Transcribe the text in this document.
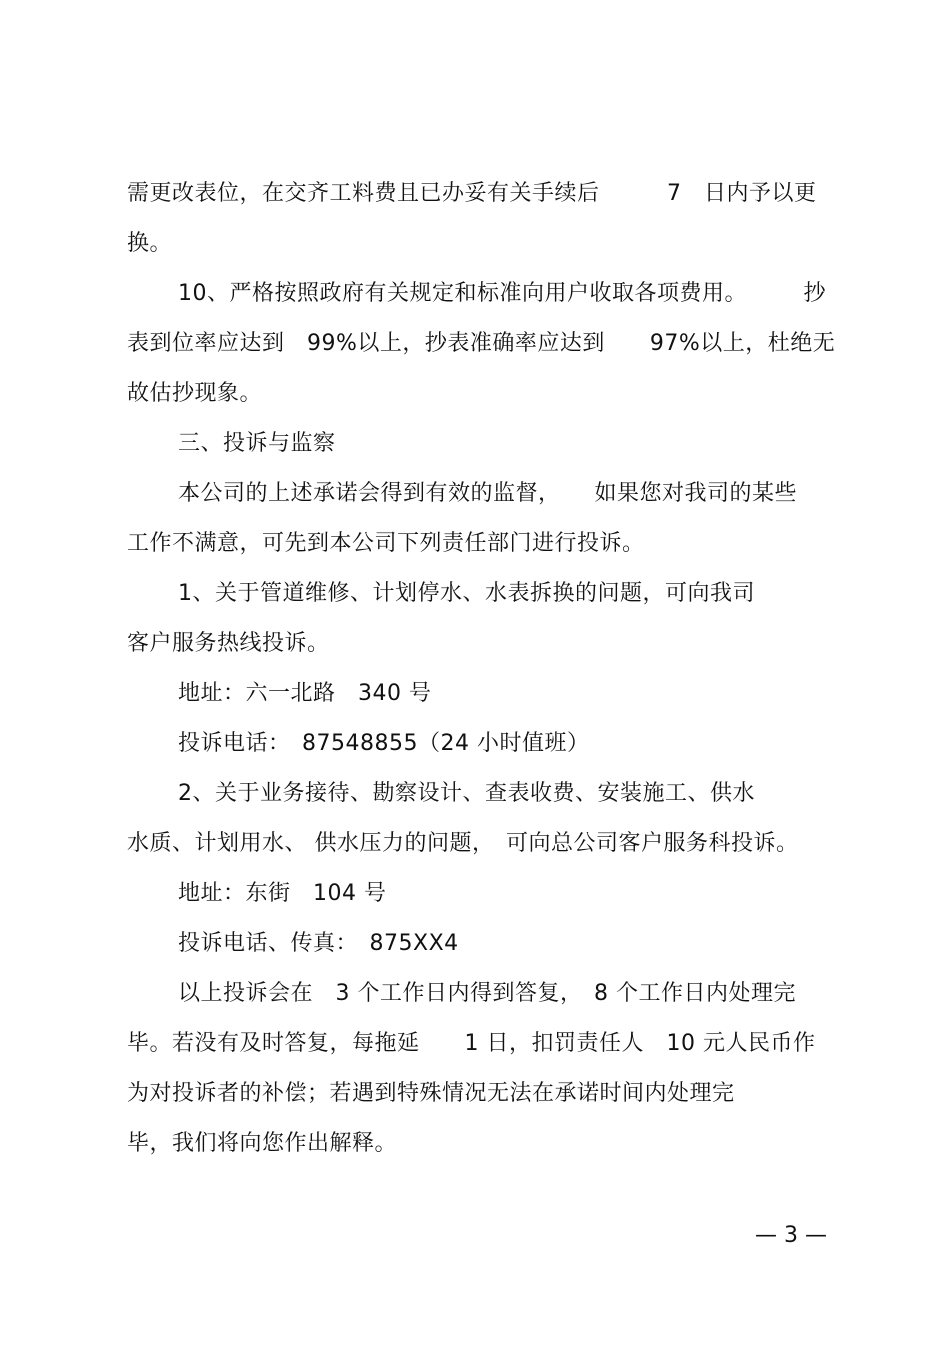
需更改表位，在交齐工料费且已办妥有关手续后　　　7　日内予以更
换。
10、严格按照政府有关规定和标准向用户收取各项费用。　　　抄
表到位率应达到　99%以上，抄表准确率应达到　　97%以上，杜绝无
故估抄现象。
三、投诉与监察
本公司的上述承诺会得到有效的监督，　　如果您对我司的某些
工作不满意，可先到本公司下列责任部门进行投诉。
1、关于管道维修、计划停水、水表拆换的问题，可向我司
客户服务热线投诉。
地址：六一北路　340 号
投诉电话：　87548855（24 小时值班）
2、关于业务接待、勘察设计、查表收费、安装施工、供水
水质、计划用水、 供水压力的问题，　可向总公司客户服务科投诉。
地址：东街　104 号
投诉电话、传真：　875XX4
以上投诉会在　3 个工作日内得到答复，　8 个工作日内处理完
毕。若没有及时答复，每拖延　　1 日，扣罚责任人　10 元人民币作
为对投诉者的补偿；若遇到特殊情况无法在承诺时间内处理完
毕，我们将向您作出解释。
— 3 —
